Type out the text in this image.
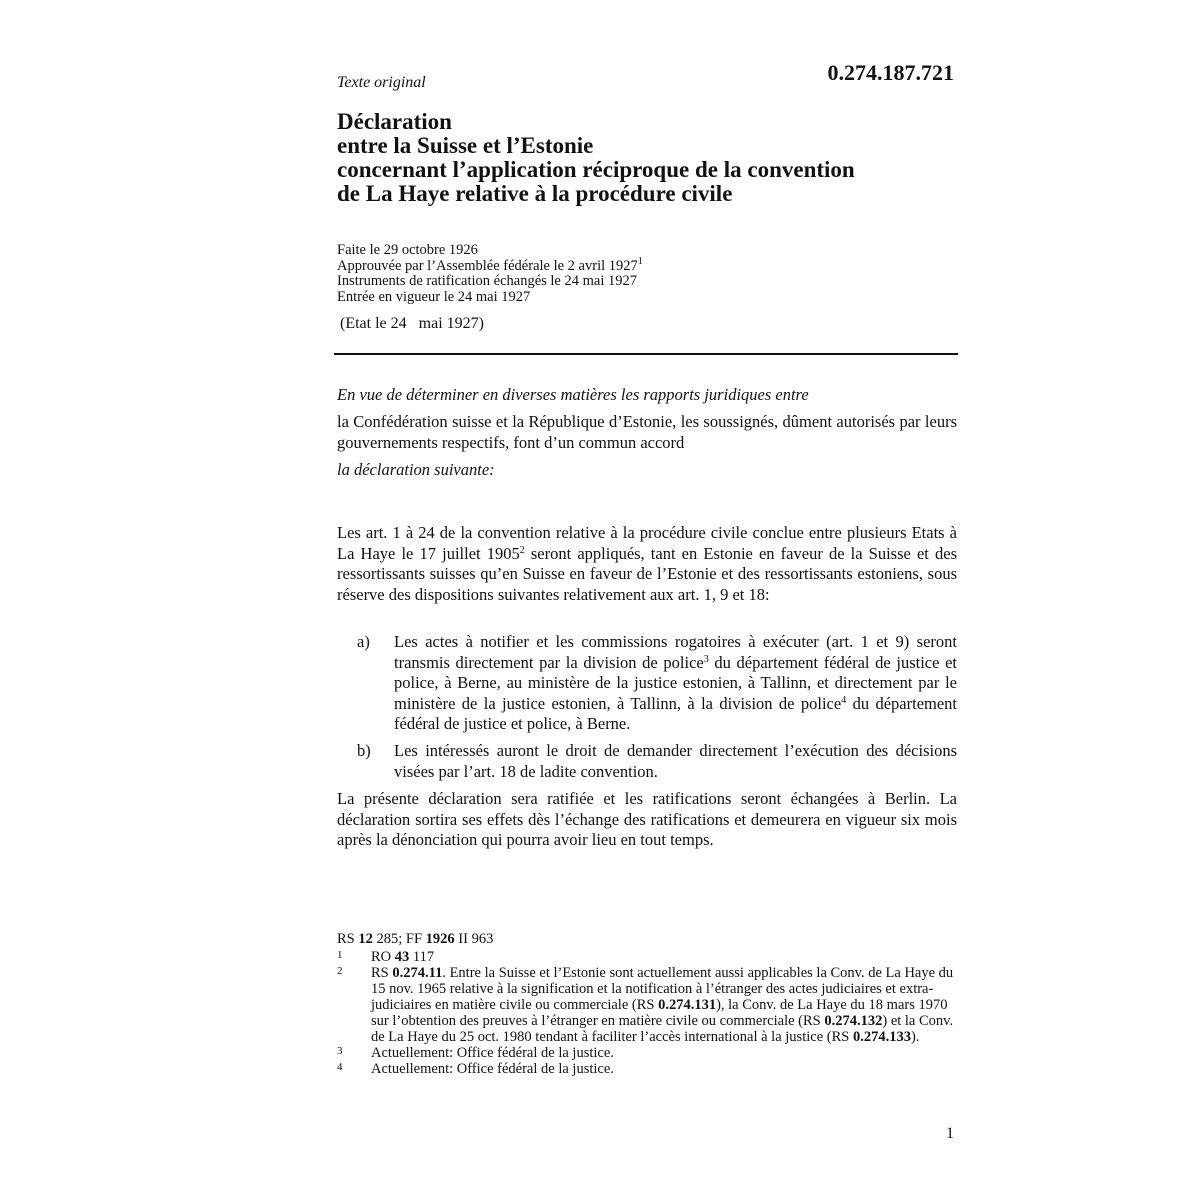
Texte original	0.274.187.721
Déclaration
entre la Suisse et l’Estonie
concernant l’application réciproque de la convention
de La Haye relative à la procédure civile
Faite le 29 octobre 1926
Approuvée par l’Assemblée fédérale le 2 avril 1927$^1$
Instruments de ratification échangés le 24 mai 1927
Entrée en vigueur le 24 mai 1927
(Etat le 24   mai 1927)
En vue de déterminer en diverses matières les rapports juridiques entre
la Confédération suisse et la République d’Estonie, les soussignés, dûment autorisés par leurs gouvernements respectifs, font d’un commun accord
la déclaration suivante:
Les art. 1 à 24 de la convention relative à la procédure civile conclue entre plusieurs Etats à La Haye le 17 juillet 1905$^2$ seront appliqués, tant en Estonie en faveur de la Suisse et des ressortissants suisses qu’en Suisse en faveur de l’Estonie et des ressortissants estoniens, sous réserve des dispositions suivantes relativement aux art. 1, 9 et 18:
a)	Les actes à notifier et les commissions rogatoires à exécuter (art. 1 et 9) seront transmis directement par la division de police$^3$ du département fédéral de justice et police, à Berne, au ministère de la justice estonien, à Tallinn, et directement par le ministère de la justice estonien, à Tallinn, à la division de police$^4$ du département fédéral de justice et police, à Berne.
b)	Les intéressés auront le droit de demander directement l’exécution des décisions visées par l’art. 18 de ladite convention.
La présente déclaration sera ratifiée et les ratifications seront échangées à Berlin. La déclaration sortira ses effets dès l’échange des ratifications et demeurera en vigueur six mois après la dénonciation qui pourra avoir lieu en tout temps.
RS 12 285; FF 1926 II 963
1	RO 43 117
2	RS 0.274.11. Entre la Suisse et l’Estonie sont actuellement aussi applicables la Conv. de La Haye du 15 nov. 1965 relative à la signification et la notification à l’étranger des actes judiciaires et extra-judiciaires en matière civile ou commerciale (RS 0.274.131), la Conv. de La Haye du 18 mars 1970 sur l’obtention des preuves à l’étranger en matière civile ou commerciale (RS 0.274.132) et la Conv. de La Haye du 25 oct. 1980 tendant à faciliter l’accès international à la justice (RS 0.274.133).
3	Actuellement: Office fédéral de la justice.
4	Actuellement: Office fédéral de la justice.
1
